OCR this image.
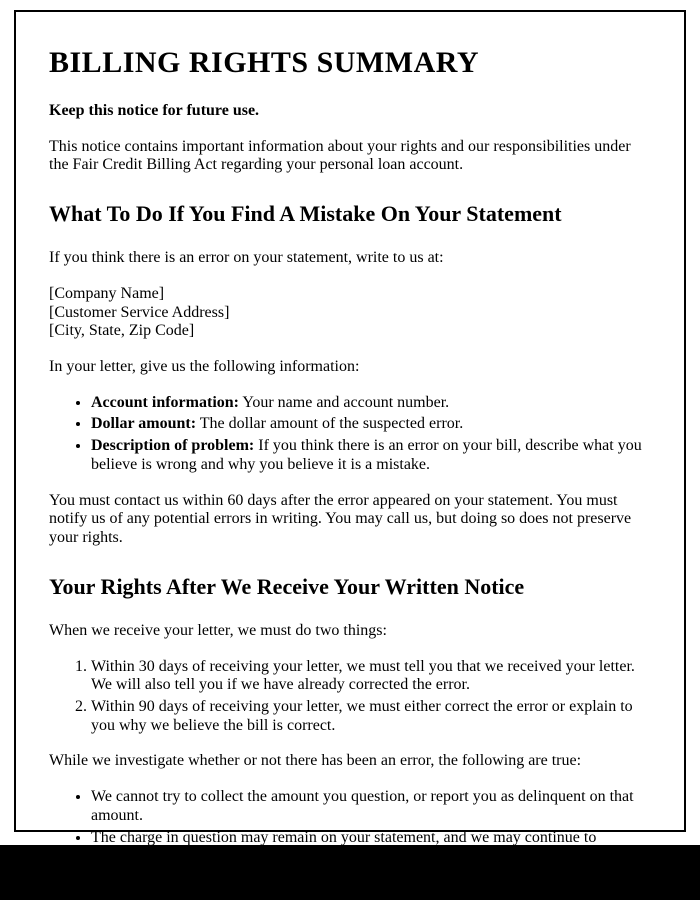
BILLING RIGHTS SUMMARY

Keep this notice for future use.

This notice contains important information about your rights and our responsibilities under the Fair Credit Billing Act regarding your personal loan account.

What To Do If You Find A Mistake On Your Statement

If you think there is an error on your statement, write to us at:

[Company Name]
[Customer Service Address]
[City, State, Zip Code]

In your letter, give us the following information:

• Account information: Your name and account number.
• Dollar amount: The dollar amount of the suspected error.
• Description of problem: If you think there is an error on your bill, describe what you believe is wrong and why you believe it is a mistake.

You must contact us within 60 days after the error appeared on your statement. You must notify us of any potential errors in writing. You may call us, but doing so does not preserve your rights.

Your Rights After We Receive Your Written Notice

When we receive your letter, we must do two things:

1. Within 30 days of receiving your letter, we must tell you that we received your letter. We will also tell you if we have already corrected the error.
2. Within 90 days of receiving your letter, we must either correct the error or explain to you why we believe the bill is correct.

While we investigate whether or not there has been an error, the following are true:

• We cannot try to collect the amount you question, or report you as delinquent on that amount.
• The charge in question may remain on your statement, and we may continue to
